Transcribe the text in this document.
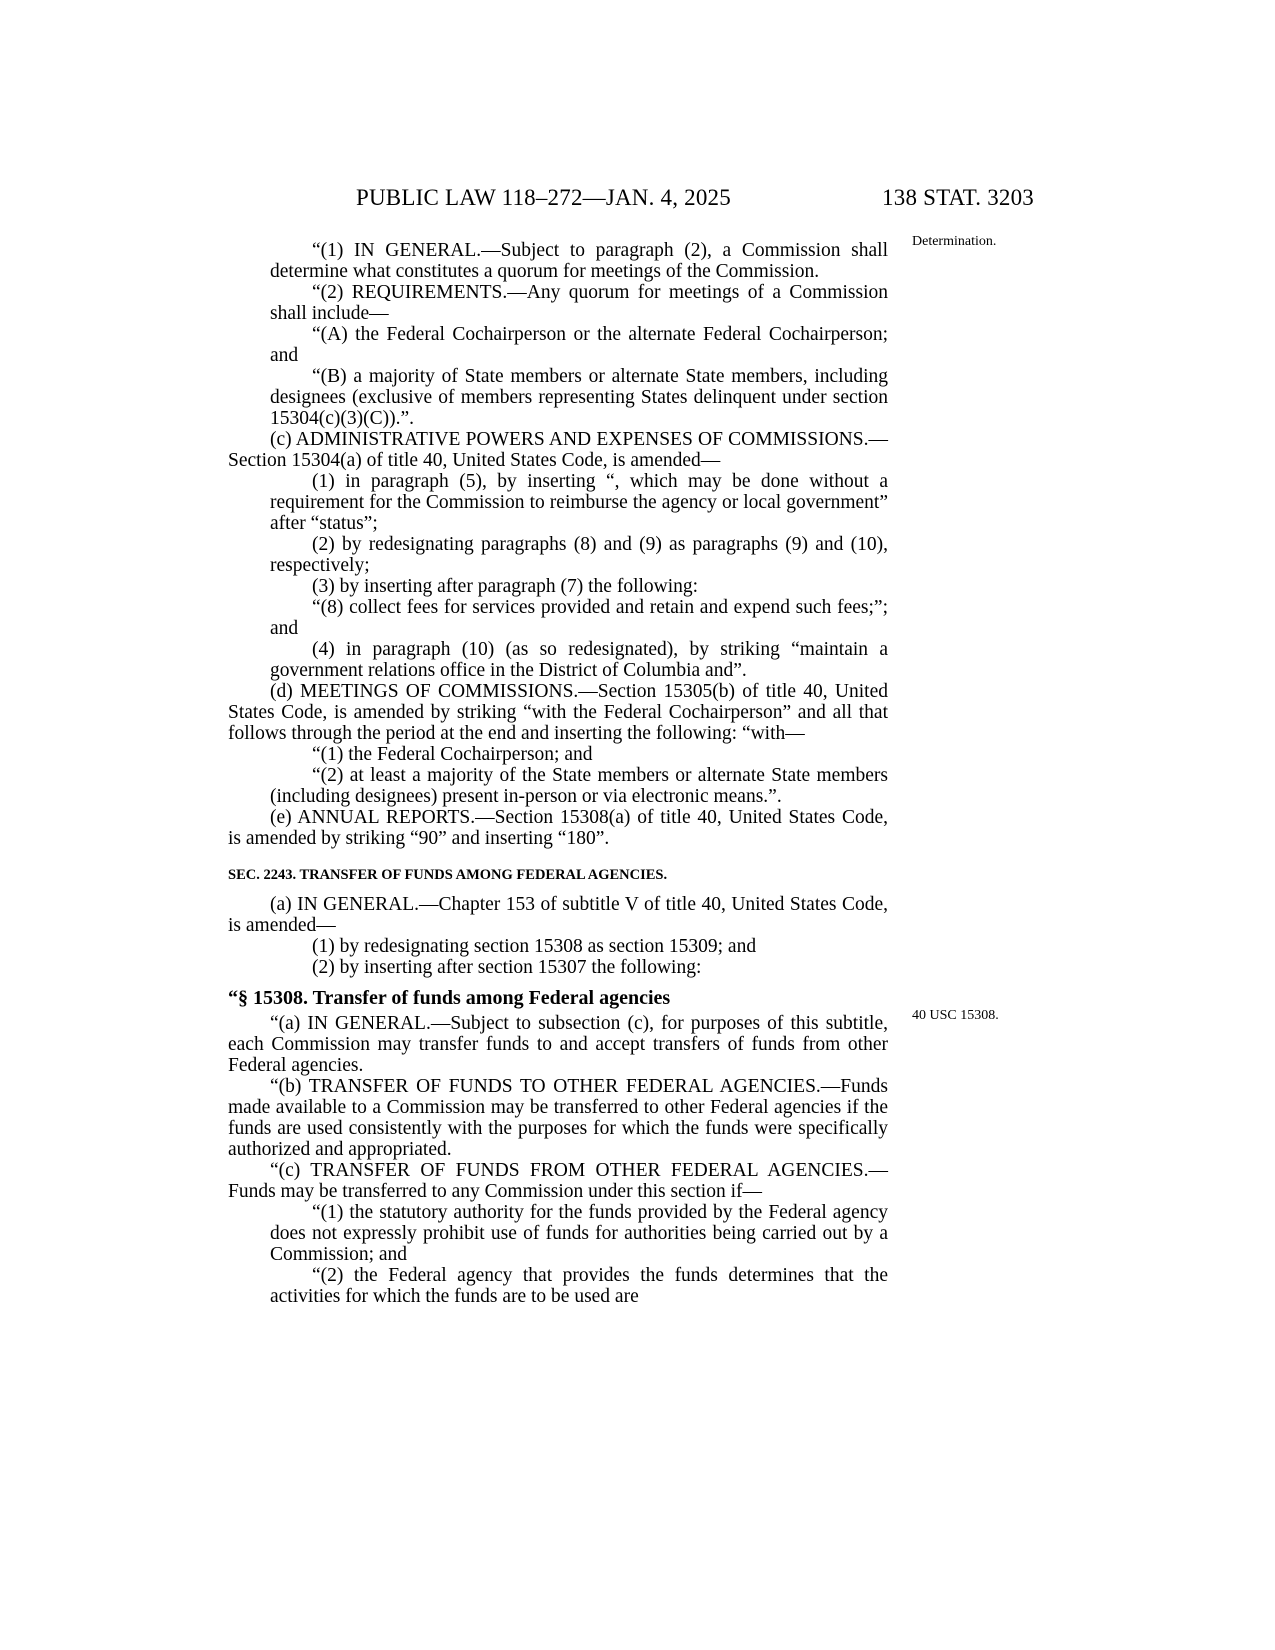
PUBLIC LAW 118–272—JAN. 4, 2025	138 STAT. 3203
Determination.
40 USC 15308.

“(1) IN GENERAL.—Subject to paragraph (2), a Commission shall determine what constitutes a quorum for meetings of the Commission.

“(2) REQUIREMENTS.—Any quorum for meetings of a Commission shall include—

“(A) the Federal Cochairperson or the alternate Federal Cochairperson; and

“(B) a majority of State members or alternate State members, including designees (exclusive of members representing States delinquent under section 15304(c)(3)(C)).”.

(c) ADMINISTRATIVE POWERS AND EXPENSES OF COMMISSIONS.—Section 15304(a) of title 40, United States Code, is amended—

(1) in paragraph (5), by inserting “, which may be done without a requirement for the Commission to reimburse the agency or local government” after “status”;

(2) by redesignating paragraphs (8) and (9) as paragraphs (9) and (10), respectively;

(3) by inserting after paragraph (7) the following:

“(8) collect fees for services provided and retain and expend such fees;”; and

(4) in paragraph (10) (as so redesignated), by striking “maintain a government relations office in the District of Columbia and”.

(d) MEETINGS OF COMMISSIONS.—Section 15305(b) of title 40, United States Code, is amended by striking “with the Federal Cochairperson” and all that follows through the period at the end and inserting the following: “with—

“(1) the Federal Cochairperson; and

“(2) at least a majority of the State members or alternate State members (including designees) present in-person or via electronic means.”.

(e) ANNUAL REPORTS.—Section 15308(a) of title 40, United States Code, is amended by striking “90” and inserting “180”.

SEC. 2243. TRANSFER OF FUNDS AMONG FEDERAL AGENCIES.

(a) IN GENERAL.—Chapter 153 of subtitle V of title 40, United States Code, is amended—

(1) by redesignating section 15308 as section 15309; and

(2) by inserting after section 15307 the following:

“§ 15308. Transfer of funds among Federal agencies

“(a) IN GENERAL.—Subject to subsection (c), for purposes of this subtitle, each Commission may transfer funds to and accept transfers of funds from other Federal agencies.

“(b) TRANSFER OF FUNDS TO OTHER FEDERAL AGENCIES.—Funds made available to a Commission may be transferred to other Federal agencies if the funds are used consistently with the purposes for which the funds were specifically authorized and appropriated.

“(c) TRANSFER OF FUNDS FROM OTHER FEDERAL AGENCIES.—Funds may be transferred to any Commission under this section if—

“(1) the statutory authority for the funds provided by the Federal agency does not expressly prohibit use of funds for authorities being carried out by a Commission; and

“(2) the Federal agency that provides the funds determines that the activities for which the funds are to be used are
